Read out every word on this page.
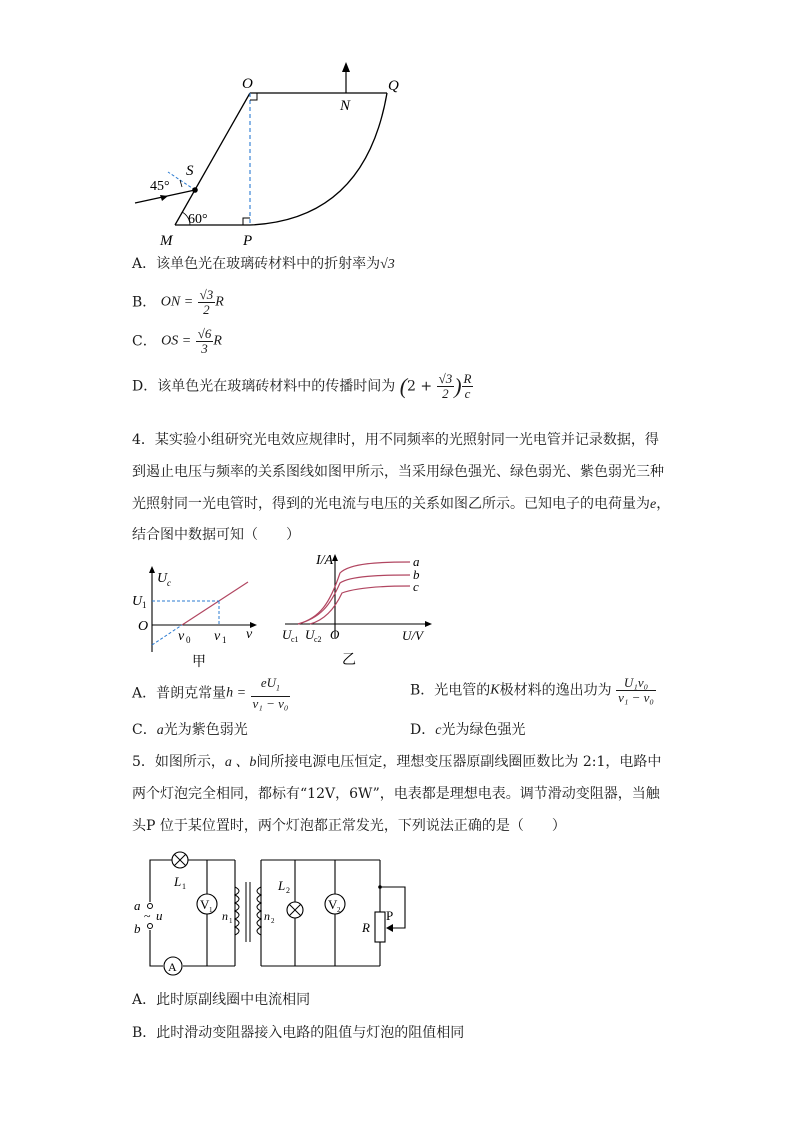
O
N
Q
S
M	P
45°
60°
A．该单色光在玻璃砖材料中的折射率为√3
B． ON = $\frac{√3}{2}$ R
C． OS = $\frac{√6}{3}$ R
D．该单色光在玻璃砖材料中的传播时间为 ($2 + \frac{√3}{2}$ ) $\frac{R}{c}$
4．某实验小组研究光电效应规律时，用不同频率的光照射同一光电管并记录数据，得
到遏止电压与频率的关系图线如图甲所示，当采用绿色强光、绿色弱光、紫色弱光三种
光照射同一光电管时，得到的光电流与电压的关系如图乙所示。已知电子的电荷量为e，
结合图中数据可知（　　）
U c
U 1
O
ν 0 ν 1 ν
甲
I/A	a
b
c
U c1 U c2 O	U/V
乙
A．普朗克常量$h = \frac{eU_1}{\text{ν₁ − ν₀}}$	B．光电管的K极材料的逸出功为 $\frac{\text{U₁ν₀}}{\text{ν₁ − ν₀}}$
C．a光为紫色弱光	D．c光为绿色强光
5．如图所示，a 、b间所接电源电压恒定，理想变压器原副线圈匝数比为 2:1，电路中
两个灯泡完全相同，都标有“12V，6W”，电表都是理想电表。调节滑动变阻器，当触
头P 位于某位置时，两个灯泡都正常发光，下列说法正确的是（　　）
L 1
V 1
A
a
b
~ u	n 1	n 2
L 2
V 2	P
R
A．此时原副线圈中电流相同
B．此时滑动变阻器接入电路的阻值与灯泡的阻值相同
